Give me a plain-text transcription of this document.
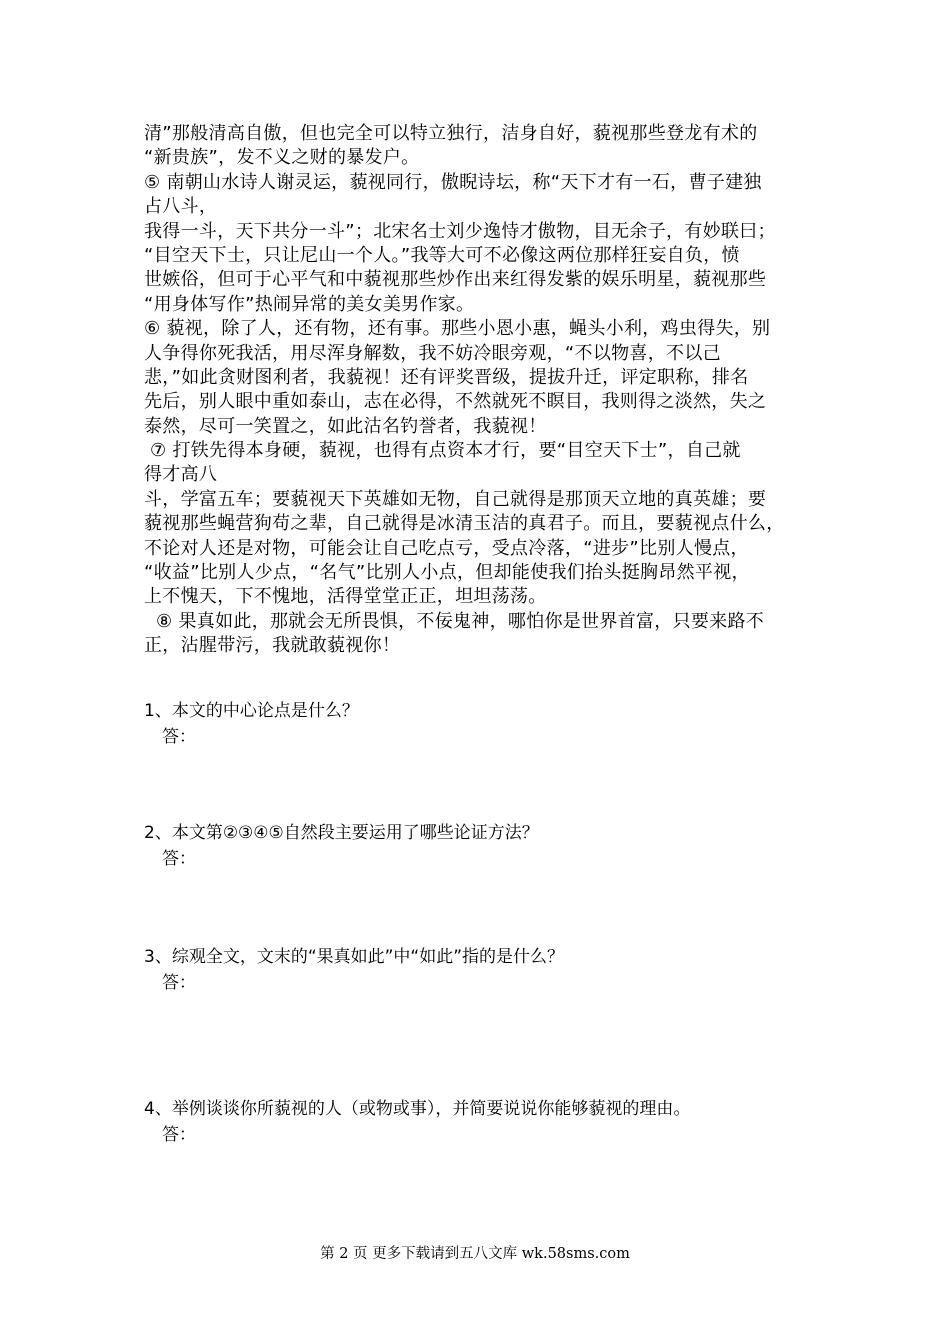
清”那般清高自傲，但也完全可以特立独行，洁身自好，藐视那些登龙有术的
“新贵族”，发不义之财的暴发户。
⑤ 南朝山水诗人谢灵运，藐视同行，傲睨诗坛，称“天下才有一石，曹子建独
占八斗，
我得一斗，天下共分一斗”；北宋名士刘少逸恃才傲物，目无余子，有妙联曰；
“目空天下士，只让尼山一个人。”我等大可不必像这两位那样狂妄自负，愤
世嫉俗，但可于心平气和中藐视那些炒作出来红得发紫的娱乐明星，藐视那些
“用身体写作”热闹异常的美女美男作家。
⑥ 藐视，除了人，还有物，还有事。那些小恩小惠，蝇头小利，鸡虫得失，别
人争得你死我活，用尽浑身解数，我不妨冷眼旁观，“不以物喜，不以己
悲，”如此贪财图利者，我藐视！还有评奖晋级，提拔升迁，评定职称，排名
先后，别人眼中重如泰山，志在必得，不然就死不瞑目，我则得之淡然，失之
泰然，尽可一笑置之，如此沽名钓誉者，我藐视！
⑦ 打铁先得本身硬，藐视，也得有点资本才行，要“目空天下士”，自己就
得才高八
斗，学富五车；要藐视天下英雄如无物，自己就得是那顶天立地的真英雄；要
藐视那些蝇营狗苟之辈，自己就得是冰清玉洁的真君子。而且，要藐视点什么，
不论对人还是对物，可能会让自己吃点亏，受点冷落，“进步”比别人慢点，
“收益”比别人少点，“名气”比别人小点，但却能使我们抬头挺胸昂然平视，
上不愧天，下不愧地，活得堂堂正正，坦坦荡荡。
⑧ 果真如此，那就会无所畏惧，不佞鬼神，哪怕你是世界首富，只要来路不
正，沾腥带污，我就敢藐视你！
1、本文的中心论点是什么？
答：
2、本文第②③④⑤自然段主要运用了哪些论证方法？
答：
3、综观全文，文末的“果真如此”中“如此”指的是什么？
答：
4、举例谈谈你所藐视的人（或物或事），并简要说说你能够藐视的理由。
答：
第 2 页 更多下载请到五八文库 wk.58sms.com
